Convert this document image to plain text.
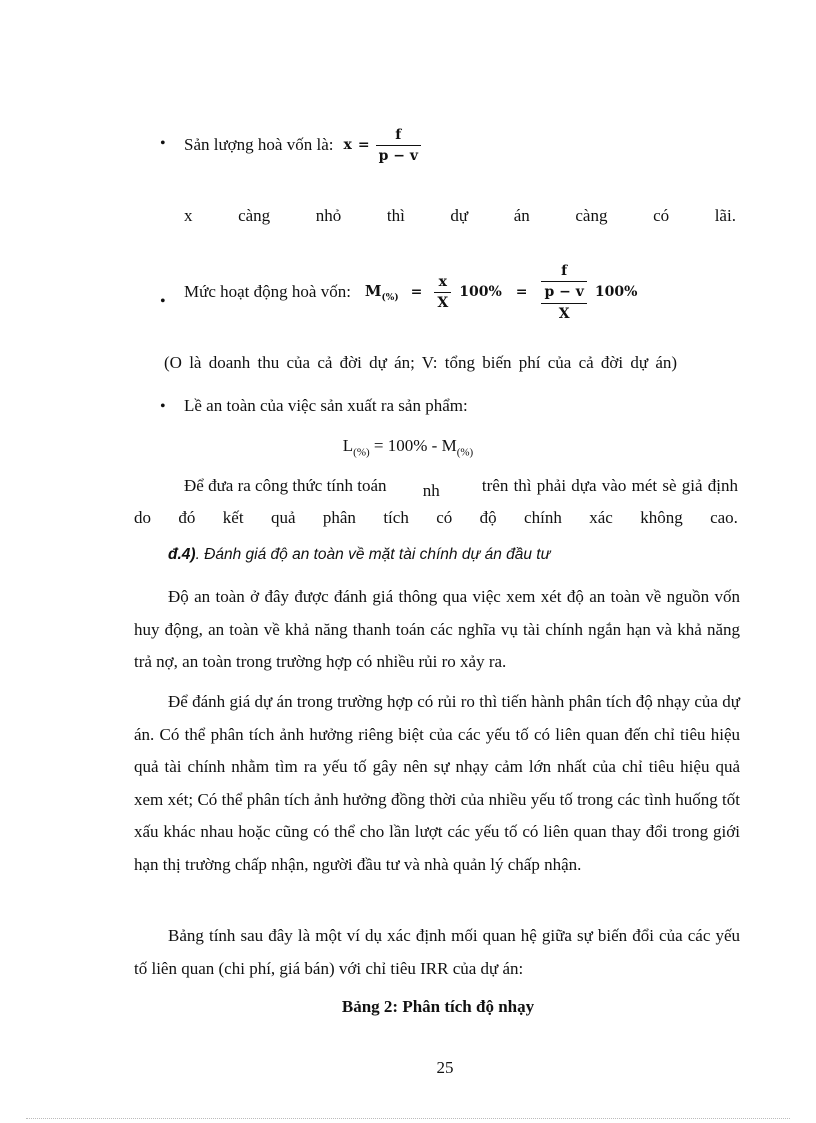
• Sản lượng hoà vốn là: $x = \frac{f}{p - v}$
x	càng	nhỏ	thì	dự	án	càng	có	lãi.
•
Mức hoạt động hoà vốn: $M_{(\%)} = \frac{x}{X} 100\% = \frac{\frac{f}{p - v}}{X} 100\%$
(O là doanh thu của cả đời dự án; V: tổng biến phí của cả đời dự án)
• Lề an toàn của việc sản xuất ra sản phẩm:
$L_{(\%)} = 100\% - M_{(\%)}$
Để đưa ra công thức tính toán nh trên thì phải dựa vào mét sè giả định
do đó kết quả phân tích có độ chính xác không cao.
đ.4). Đánh giá độ an toàn về mặt tài chính dự án đầu tư
Độ an toàn ở đây được đánh giá thông qua việc xem xét độ an toàn về nguồn vốn huy động, an toàn về khả năng thanh toán các nghĩa vụ tài chính ngắn hạn và khả năng trả nợ, an toàn trong trường hợp có nhiều rủi ro xảy ra.
Để đánh giá dự án trong trường hợp có rủi ro thì tiến hành phân tích độ nhạy của dự án. Có thể phân tích ảnh hưởng riêng biệt của các yếu tố có liên quan đến chỉ tiêu hiệu quả tài chính nhằm tìm ra yếu tố gây nên sự nhạy cảm lớn nhất của chỉ tiêu hiệu quả xem xét; Có thể phân tích ảnh hưởng đồng thời của nhiều yếu tố trong các tình huống tốt xấu khác nhau hoặc cũng có thể cho lần lượt các yếu tố có liên quan thay đổi trong giới hạn thị trường chấp nhận, người đầu tư và nhà quản lý chấp nhận.
Bảng tính sau đây là một ví dụ xác định mối quan hệ giữa sự biến đổi của các yếu tố liên quan (chi phí, giá bán) với chỉ tiêu IRR của dự án:
Bảng 2: Phân tích độ nhạy
25
